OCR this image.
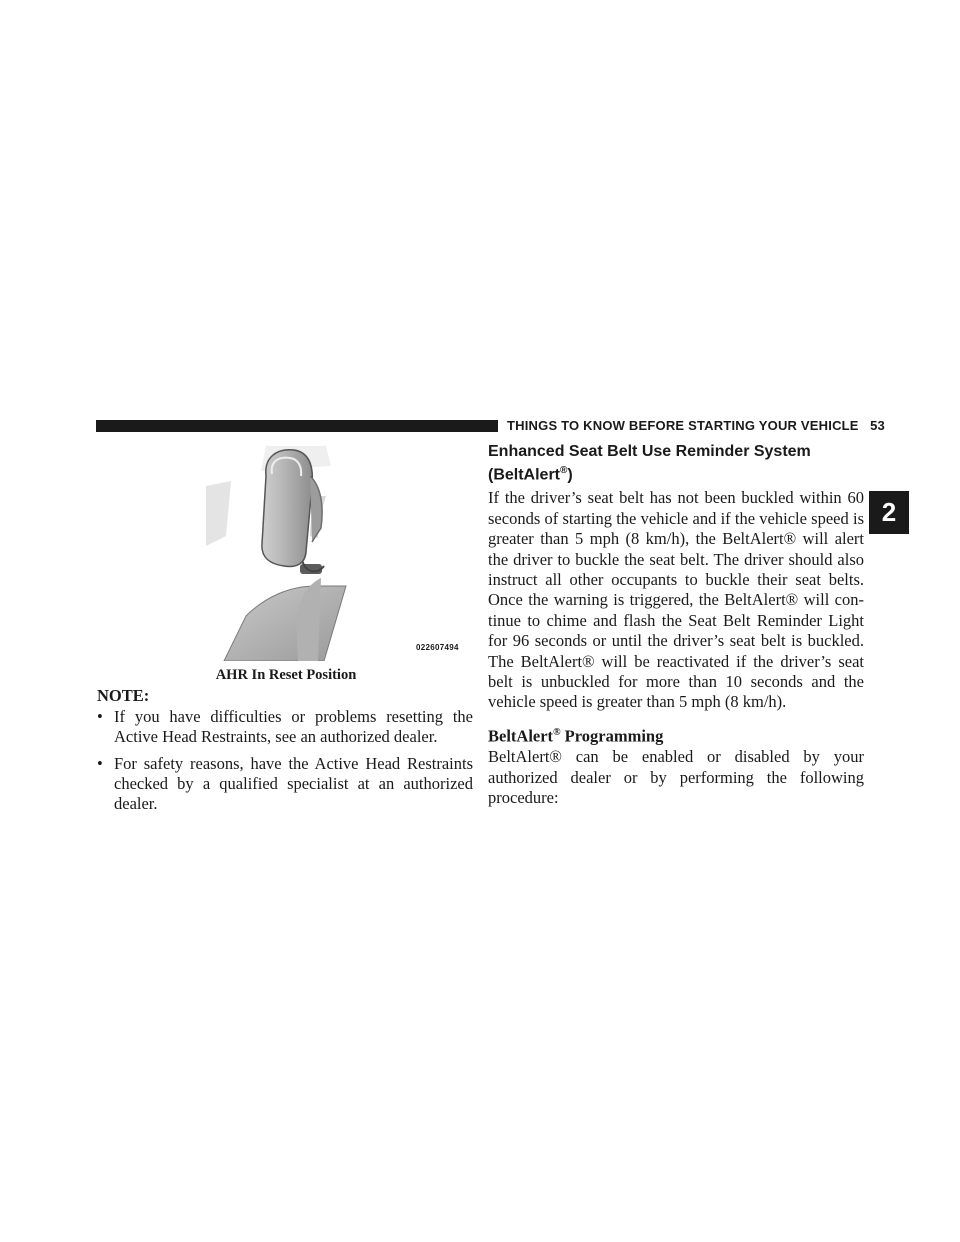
THINGS TO KNOW BEFORE STARTING YOUR VEHICLE 53
2
022607494
AHR In Reset Position
NOTE:
• If you have difficulties or problems resetting the Active Head Restraints, see an authorized dealer.
• For safety reasons, have the Active Head Restraints checked by a qualified specialist at an authorized dealer.
Enhanced Seat Belt Use Reminder System
(BeltAlert®)

If the driver’s seat belt has not been buckled within 60 seconds of starting the vehicle and if the vehicle speed is greater than 5 mph (8 km/h), the BeltAlert® will alert the driver to buckle the seat belt. The driver should also instruct all other occupants to buckle their seat belts. Once the warning is triggered, the BeltAlert® will con-tinue to chime and flash the Seat Belt Reminder Light for 96 seconds or until the driver’s seat belt is buckled. The BeltAlert® will be reactivated if the driver’s seat belt is unbuckled for more than 10 seconds and the vehicle speed is greater than 5 mph (8 km/h).

BeltAlert® Programming

BeltAlert® can be enabled or disabled by your authorized dealer or by performing the following procedure:
